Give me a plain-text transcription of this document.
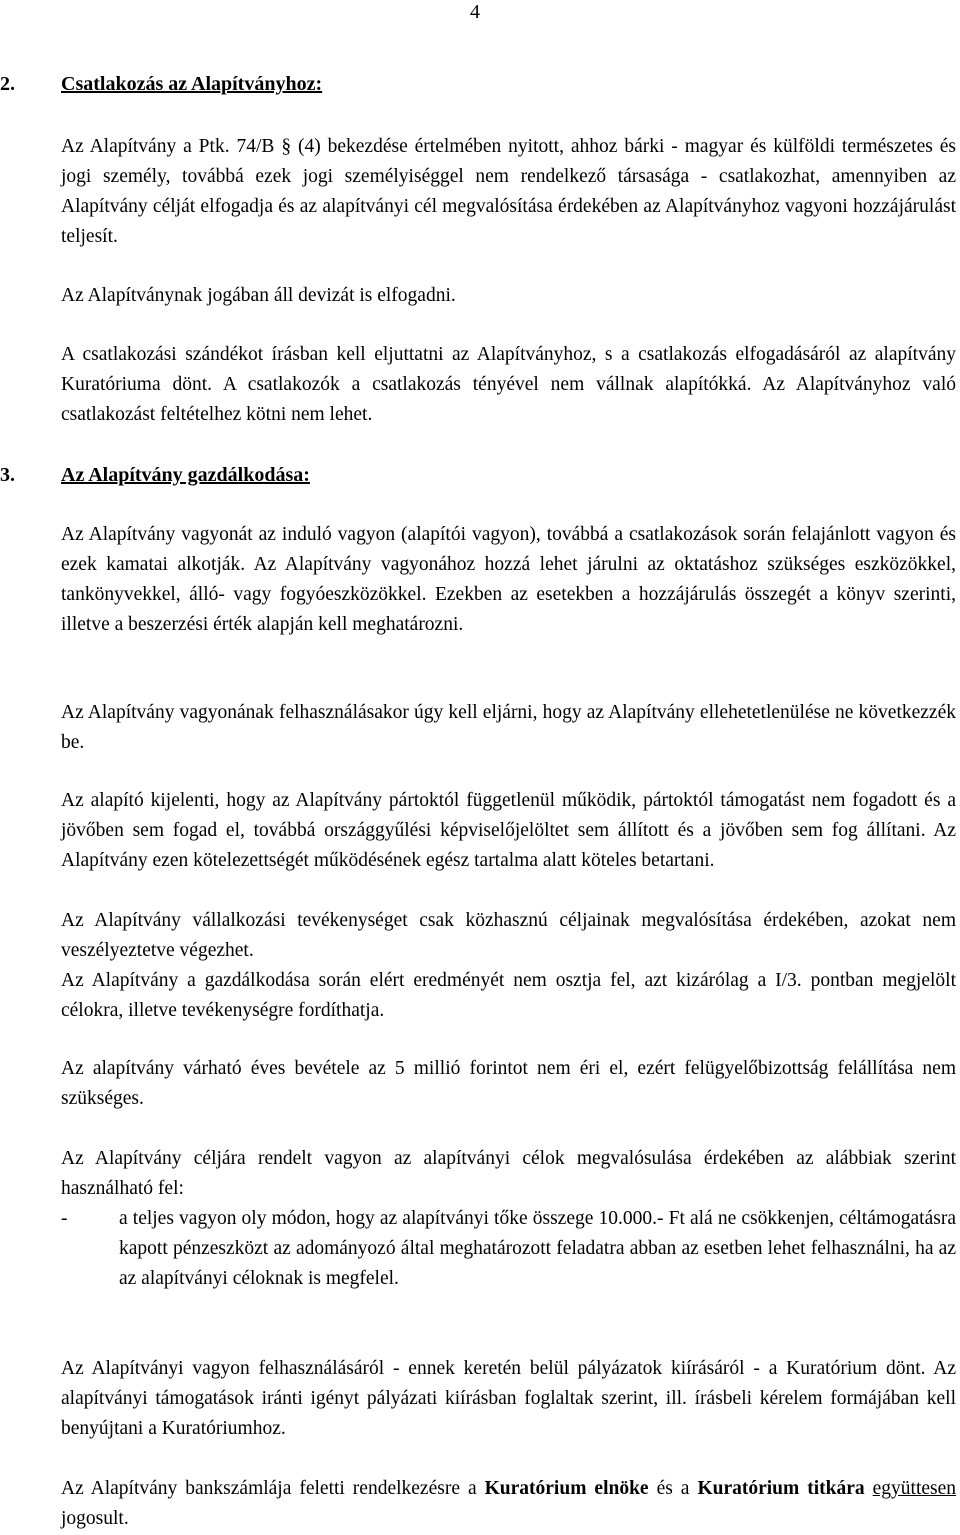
4
2. Csatlakozás az Alapítványhoz:
Az Alapítvány a Ptk. 74/B § (4) bekezdése értelmében nyitott, ahhoz bárki - magyar és külföldi természetes és jogi személy, továbbá ezek jogi személyiséggel nem rendelkező társasága - csatlakozhat, amennyiben az Alapítvány célját elfogadja és az alapítványi cél megvalósítása érdekében az Alapítványhoz vagyoni hozzájárulást teljesít.
Az Alapítványnak jogában áll devizát is elfogadni.
A csatlakozási szándékot írásban kell eljuttatni az Alapítványhoz, s a csatlakozás elfogadásáról az alapítvány Kuratóriuma dönt. A csatlakozók a csatlakozás tényével nem vállnak alapítókká. Az Alapítványhoz való csatlakozást feltételhez kötni nem lehet.
3. Az Alapítvány gazdálkodása:
Az Alapítvány vagyonát az induló vagyon (alapítói vagyon), továbbá a csatlakozások során felajánlott vagyon és ezek kamatai alkotják. Az Alapítvány vagyonához hozzá lehet járulni az oktatáshoz szükséges eszközökkel, tankönyvekkel, álló- vagy fogyóeszközökkel. Ezekben az esetekben a hozzájárulás összegét a könyv szerinti, illetve a beszerzési érték alapján kell meghatározni.
Az Alapítvány vagyonának felhasználásakor úgy kell eljárni, hogy az Alapítvány ellehetetlenülése ne következzék be.
Az alapító kijelenti, hogy az Alapítvány pártoktól függetlenül működik, pártoktól támogatást nem fogadott és a jövőben sem fogad el, továbbá országgyűlési képviselőjelöltet sem állított és a jövőben sem fog állítani. Az Alapítvány ezen kötelezettségét működésének egész tartalma alatt köteles betartani.
Az Alapítvány vállalkozási tevékenységet csak közhasznú céljainak megvalósítása érdekében, azokat nem veszélyeztetve végezhet.
Az Alapítvány a gazdálkodása során elért eredményét nem osztja fel, azt kizárólag a I/3. pontban megjelölt célokra, illetve tevékenységre fordíthatja.
Az alapítvány várható éves bevétele az 5 millió forintot nem éri el, ezért felügyelőbizottság felállítása nem szükséges.
Az Alapítvány céljára rendelt vagyon az alapítványi célok megvalósulása érdekében az alábbiak szerint használható fel:
-	a teljes vagyon oly módon, hogy az alapítványi tőke összege 10.000.- Ft alá ne csökkenjen, céltámogatásra kapott pénzeszközt az adományozó által meghatározott feladatra abban az esetben lehet felhasználni, ha az az alapítványi céloknak is megfelel.
Az Alapítványi vagyon felhasználásáról - ennek keretén belül pályázatok kiírásáról - a Kuratórium dönt. Az alapítványi támogatások iránti igényt pályázati kiírásban foglaltak szerint, ill. írásbeli kérelem formájában kell benyújtani a Kuratóriumhoz.
Az Alapítvány bankszámlája feletti rendelkezésre a Kuratórium elnöke és a Kuratórium titkára együttesen jogosult.
